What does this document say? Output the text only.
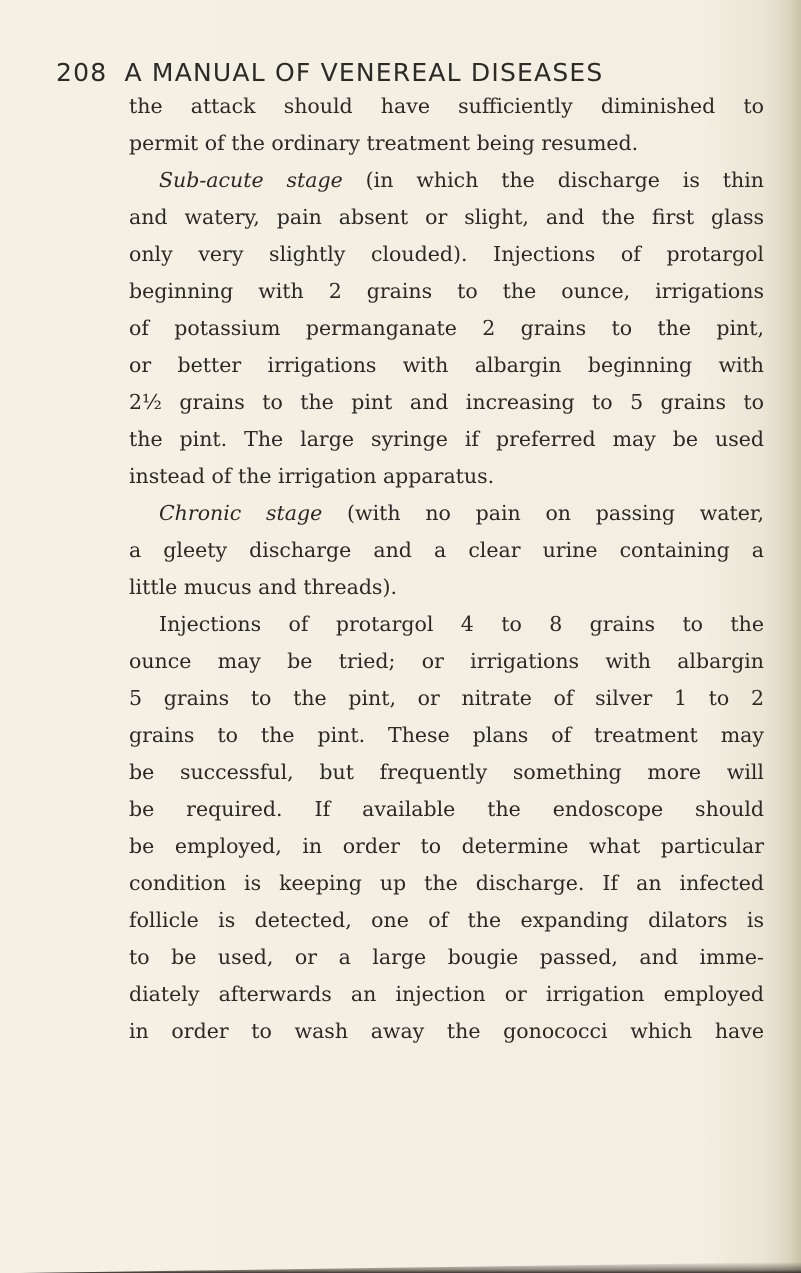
208 A MANUAL OF VENEREAL DISEASES

the attack should have sufficiently diminished to
permit of the ordinary treatment being resumed.

Sub-acute stage (in which the discharge is thin
and watery, pain absent or slight, and the first glass
only very slightly clouded). Injections of protargol
beginning with 2 grains to the ounce, irrigations
of potassium permanganate 2 grains to the pint,
or better irrigations with albargin beginning with
2½ grains to the pint and increasing to 5 grains to
the pint. The large syringe if preferred may be used
instead of the irrigation apparatus.

Chronic stage (with no pain on passing water,
a gleety discharge and a clear urine containing a
little mucus and threads).

Injections of protargol 4 to 8 grains to the
ounce may be tried; or irrigations with albargin
5 grains to the pint, or nitrate of silver 1 to 2
grains to the pint. These plans of treatment may
be successful, but frequently something more will
be required. If available the endoscope should
be employed, in order to determine what particular
condition is keeping up the discharge. If an infected
follicle is detected, one of the expanding dilators is
to be used, or a large bougie passed, and imme-
diately afterwards an injection or irrigation employed
in order to wash away the gonococci which have
